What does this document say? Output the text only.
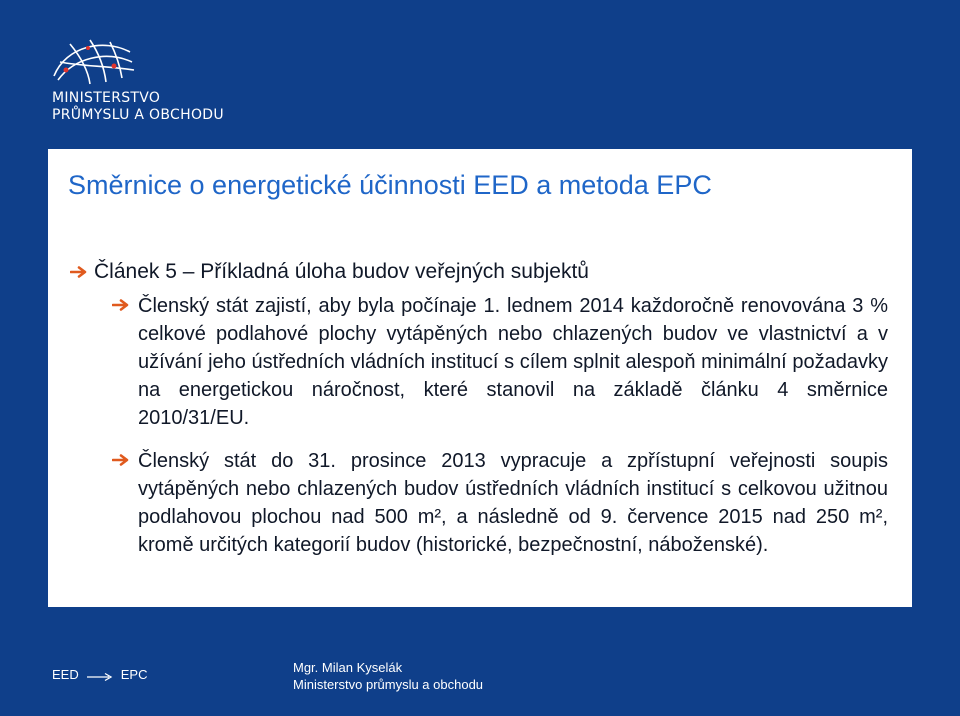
MINISTERSTVO
PRŮMYSLU A OBCHODU
Směrnice o energetické účinnosti EED a metoda EPC
Článek 5 – Příkladná úloha budov veřejných subjektů
Členský stát zajistí, aby byla počínaje 1. lednem 2014 každoročně renovována 3 % celkové podlahové plochy vytápěných nebo chlazených budov ve vlastnictví a v užívání jeho ústředních vládních institucí s cílem splnit alespoň minimální požadavky na energetickou náročnost, které stanovil na základě článku 4 směrnice 2010/31/EU.
Členský stát do 31. prosince 2013 vypracuje a zpřístupní veřejnosti soupis vytápěných nebo chlazených budov ústředních vládních institucí s celkovou užitnou podlahovou plochou nad 500 m², a následně od 9. července 2015 nad 250 m², kromě určitých kategorií budov (historické, bezpečnostní, náboženské).
EED	EPC	Mgr. Milan Kyselák
Ministerstvo průmyslu a obchodu
